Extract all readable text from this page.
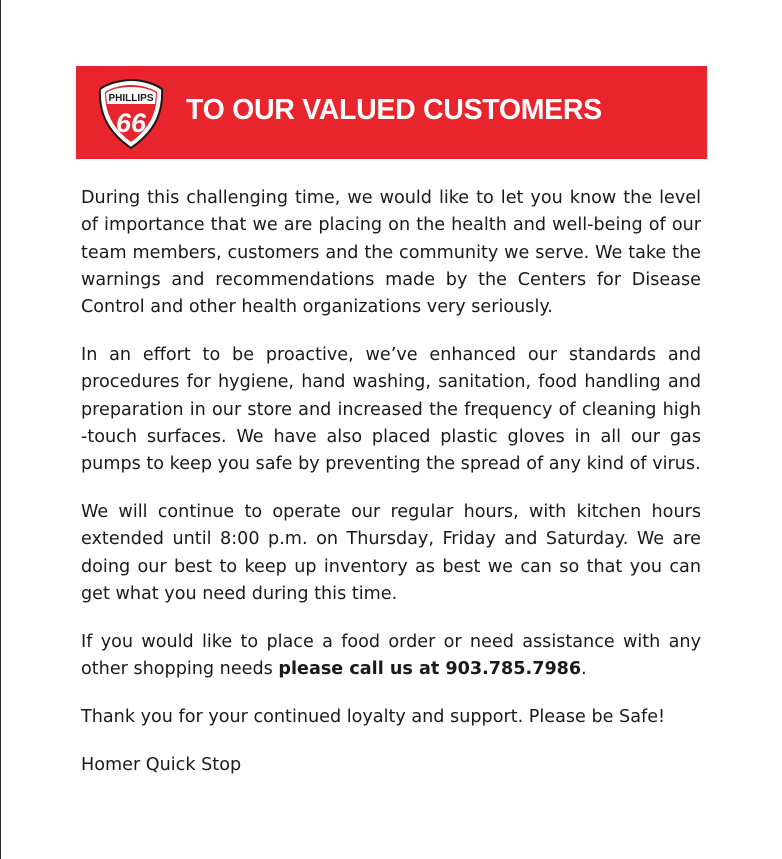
PHILLIPS
66 TO OUR VALUED CUSTOMERS

During this challenging time, we would like to let you know the level of importance that we are placing on the health and well-being of our team members, customers and the community we serve. We take the warnings and recommendations made by the Centers for Disease Control and other health organizations very seriously.

In an effort to be proactive, we’ve enhanced our standards and procedures for hygiene, hand washing, sanitation, food handling and preparation in our store and increased the frequency of cleaning high -touch surfaces. We have also placed plastic gloves in all our gas pumps to keep you safe by preventing the spread of any kind of virus.

We will continue to operate our regular hours, with kitchen hours extended until 8:00 p.m. on Thursday, Friday and Saturday. We are doing our best to keep up inventory as best we can so that you can get what you need during this time.

If you would like to place a food order or need assistance with any other shopping needs please call us at 903.785.7986.

Thank you for your continued loyalty and support. Please be Safe!

Homer Quick Stop
